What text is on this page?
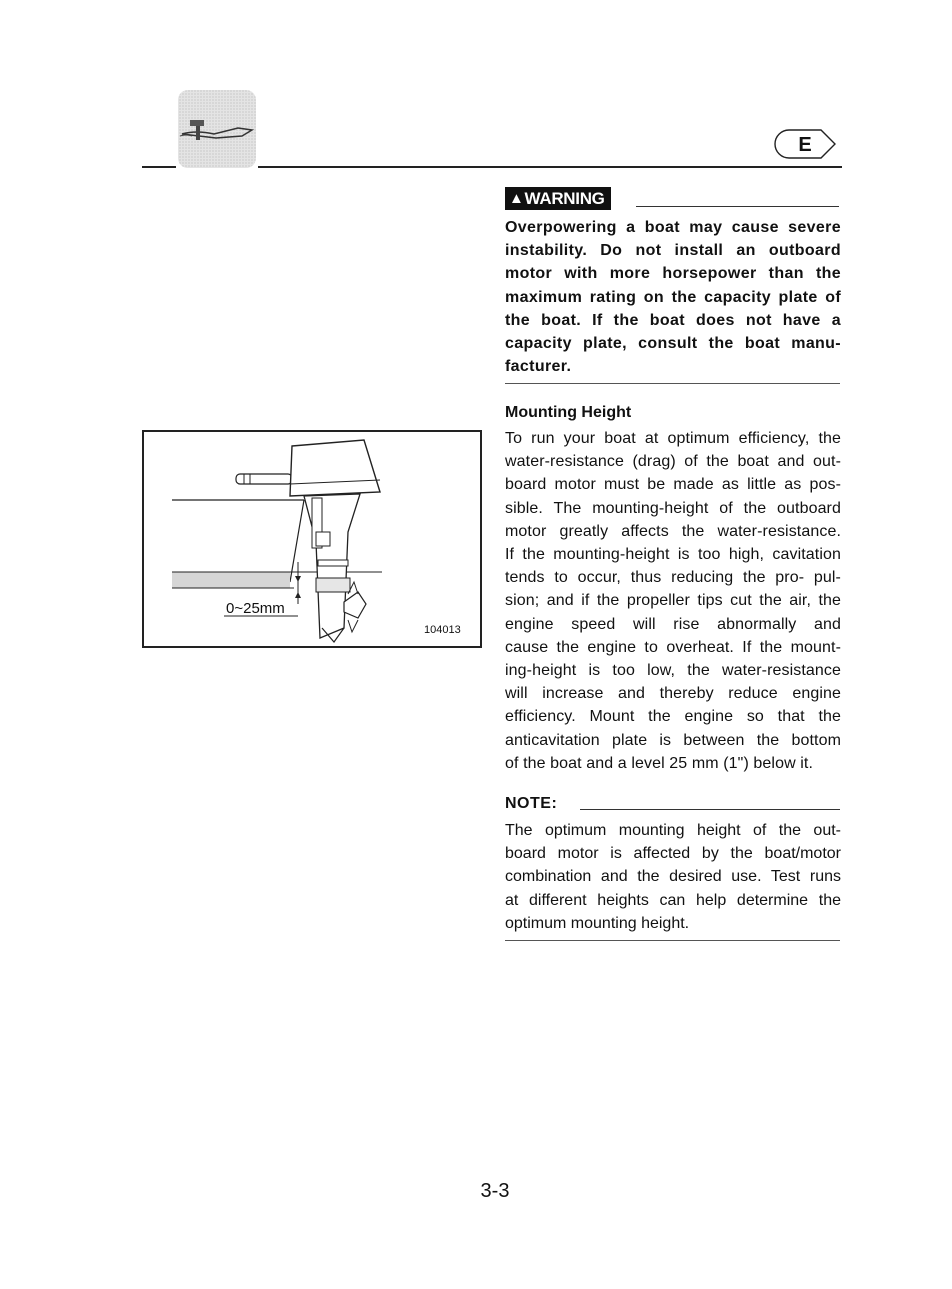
E
▲ WARNING
Overpowering a boat may cause severe instability. Do not install an outboard motor with more horsepower than the maximum rating on the capacity plate of the boat. If the boat does not have a capacity plate, consult the boat manu- facturer.
Mounting Height
To run your boat at optimum efficiency, the
water-resistance (drag) of the boat and out-
board motor must be made as little as pos-
sible. The mounting-height of the outboard
motor greatly affects the water-resistance.
If the mounting-height is too high, cavitation
tends to occur, thus reducing the pro- pul-
sion; and if the propeller tips cut the air, the
engine speed will rise abnormally and
cause the engine to overheat. If the mount-
ing-height is too low, the water-resistance
will increase and thereby reduce engine
efficiency. Mount the engine so that the
anticavitation plate is between the bottom
of the boat and a level 25 mm (1") below it.
NOTE:
The optimum mounting height of the out-
board motor is affected by the boat/motor
combination and the desired use. Test runs
at different heights can help determine the
optimum mounting height.
0~25mm
104013
3-3
